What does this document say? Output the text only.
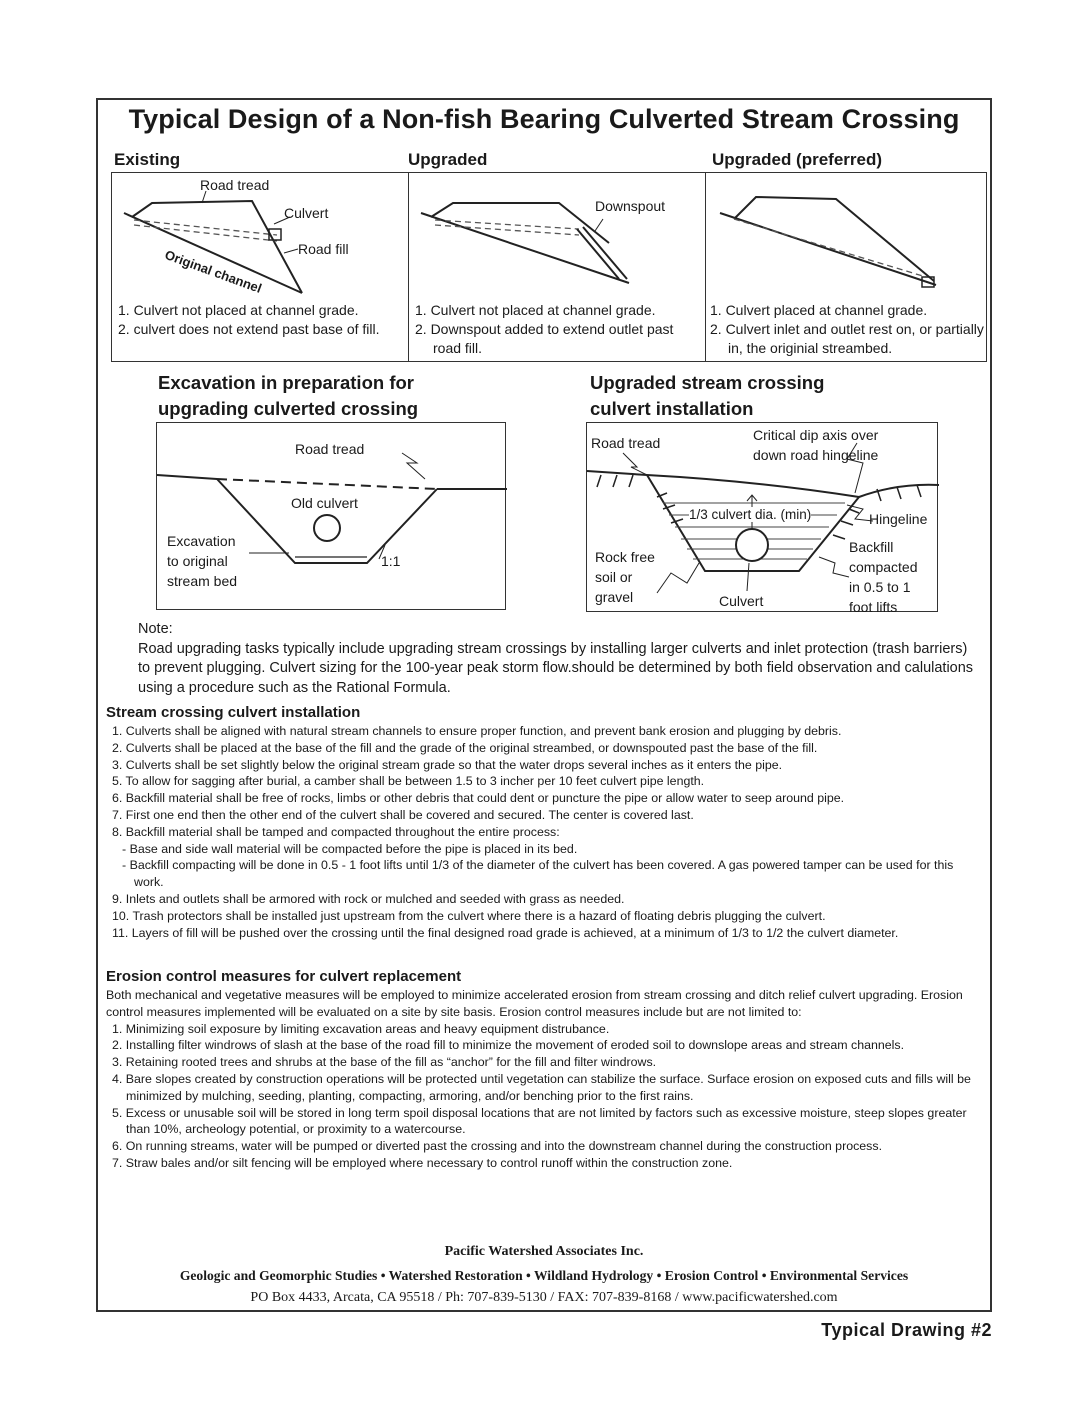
Typical Design of a Non-fish Bearing Culverted Stream Crossing
Existing	Upgraded	Upgraded (preferred)
Road tread
Culvert
Road fill
Original channel
1. Culvert not placed at channel grade.
2. culvert does not extend past base of fill.
Downspout
1. Culvert not placed at channel grade.
2. Downspout added to extend outlet past road fill.
1. Culvert placed at channel grade.
2. Culvert inlet and outlet rest on, or partially in, the originial streambed.
Excavation in preparation for
upgrading culverted crossing
Road tread
Old culvert
Excavation
to original
stream bed
1:1
Upgraded stream crossing
culvert installation
Road tread	Critical dip axis over
down road hingeline
1/3 culvert dia. (min)	Hingeline
Rock free
soil or
gravel	Culvert
Backfill
compacted
in 0.5 to 1
foot lifts
Note:
Road upgrading tasks typically include upgrading stream crossings by installing larger culverts and inlet protection (trash barriers) to prevent plugging. Culvert sizing for the 100-year peak storm flow.should be determined by both field observation and calulations using a procedure such as the Rational Formula.
Stream crossing culvert installation
1. Culverts shall be aligned with natural stream channels to ensure proper function, and prevent bank erosion and plugging by debris.
2. Culverts shall be placed at the base of the fill and the grade of the original streambed, or downspouted past the base of the fill.
3. Culverts shall be set slightly below the original stream grade so that the water drops several inches as it enters the pipe.
5. To allow for sagging after burial, a camber shall be between 1.5 to 3 incher per 10 feet culvert pipe length.
6. Backfill material shall be free of rocks, limbs or other debris that could dent or puncture the pipe or allow water to seep around pipe.
7. First one end then the other end of the culvert shall be covered and secured. The center is covered last.
8. Backfill material shall be tamped and compacted throughout the entire process:
- Base and side wall material will be compacted before the pipe is placed in its bed.
- Backfill compacting will be done in 0.5 - 1 foot lifts until 1/3 of the diameter of the culvert has been covered. A gas powered tamper can be used for this work.
9. Inlets and outlets shall be armored with rock or mulched and seeded with grass as needed.
10. Trash protectors shall be installed just upstream from the culvert where there is a hazard of floating debris plugging the culvert.
11. Layers of fill will be pushed over the crossing until the final designed road grade is achieved, at a minimum of 1/3 to 1/2 the culvert diameter.
Erosion control measures for culvert replacement
Both mechanical and vegetative measures will be employed to minimize accelerated erosion from stream crossing and ditch relief culvert upgrading. Erosion control measures implemented will be evaluated on a site by site basis. Erosion control measures include but are not limited to:
1. Minimizing soil exposure by limiting excavation areas and heavy equipment distrubance.
2. Installing filter windrows of slash at the base of the road fill to minimize the movement of eroded soil to downslope areas and stream channels.
3. Retaining rooted trees and shrubs at the base of the fill as “anchor” for the fill and filter windrows.
4. Bare slopes created by construction operations will be protected until vegetation can stabilize the surface. Surface erosion on exposed cuts and fills will be minimized by mulching, seeding, planting, compacting, armoring, and/or benching prior to the first rains.
5. Excess or unusable soil will be stored in long term spoil disposal locations that are not limited by factors such as excessive moisture, steep slopes greater than 10%, archeology potential, or proximity to a watercourse.
6. On running streams, water will be pumped or diverted past the crossing and into the downstream channel during the construction process.
7. Straw bales and/or silt fencing will be employed where necessary to control runoff within the construction zone.
Pacific Watershed Associates Inc.
Geologic and Geomorphic Studies • Watershed Restoration • Wildland Hydrology • Erosion Control • Environmental Services
PO Box 4433, Arcata, CA 95518 / Ph: 707-839-5130 / FAX: 707-839-8168 / www.pacificwatershed.com
Typical Drawing #2
